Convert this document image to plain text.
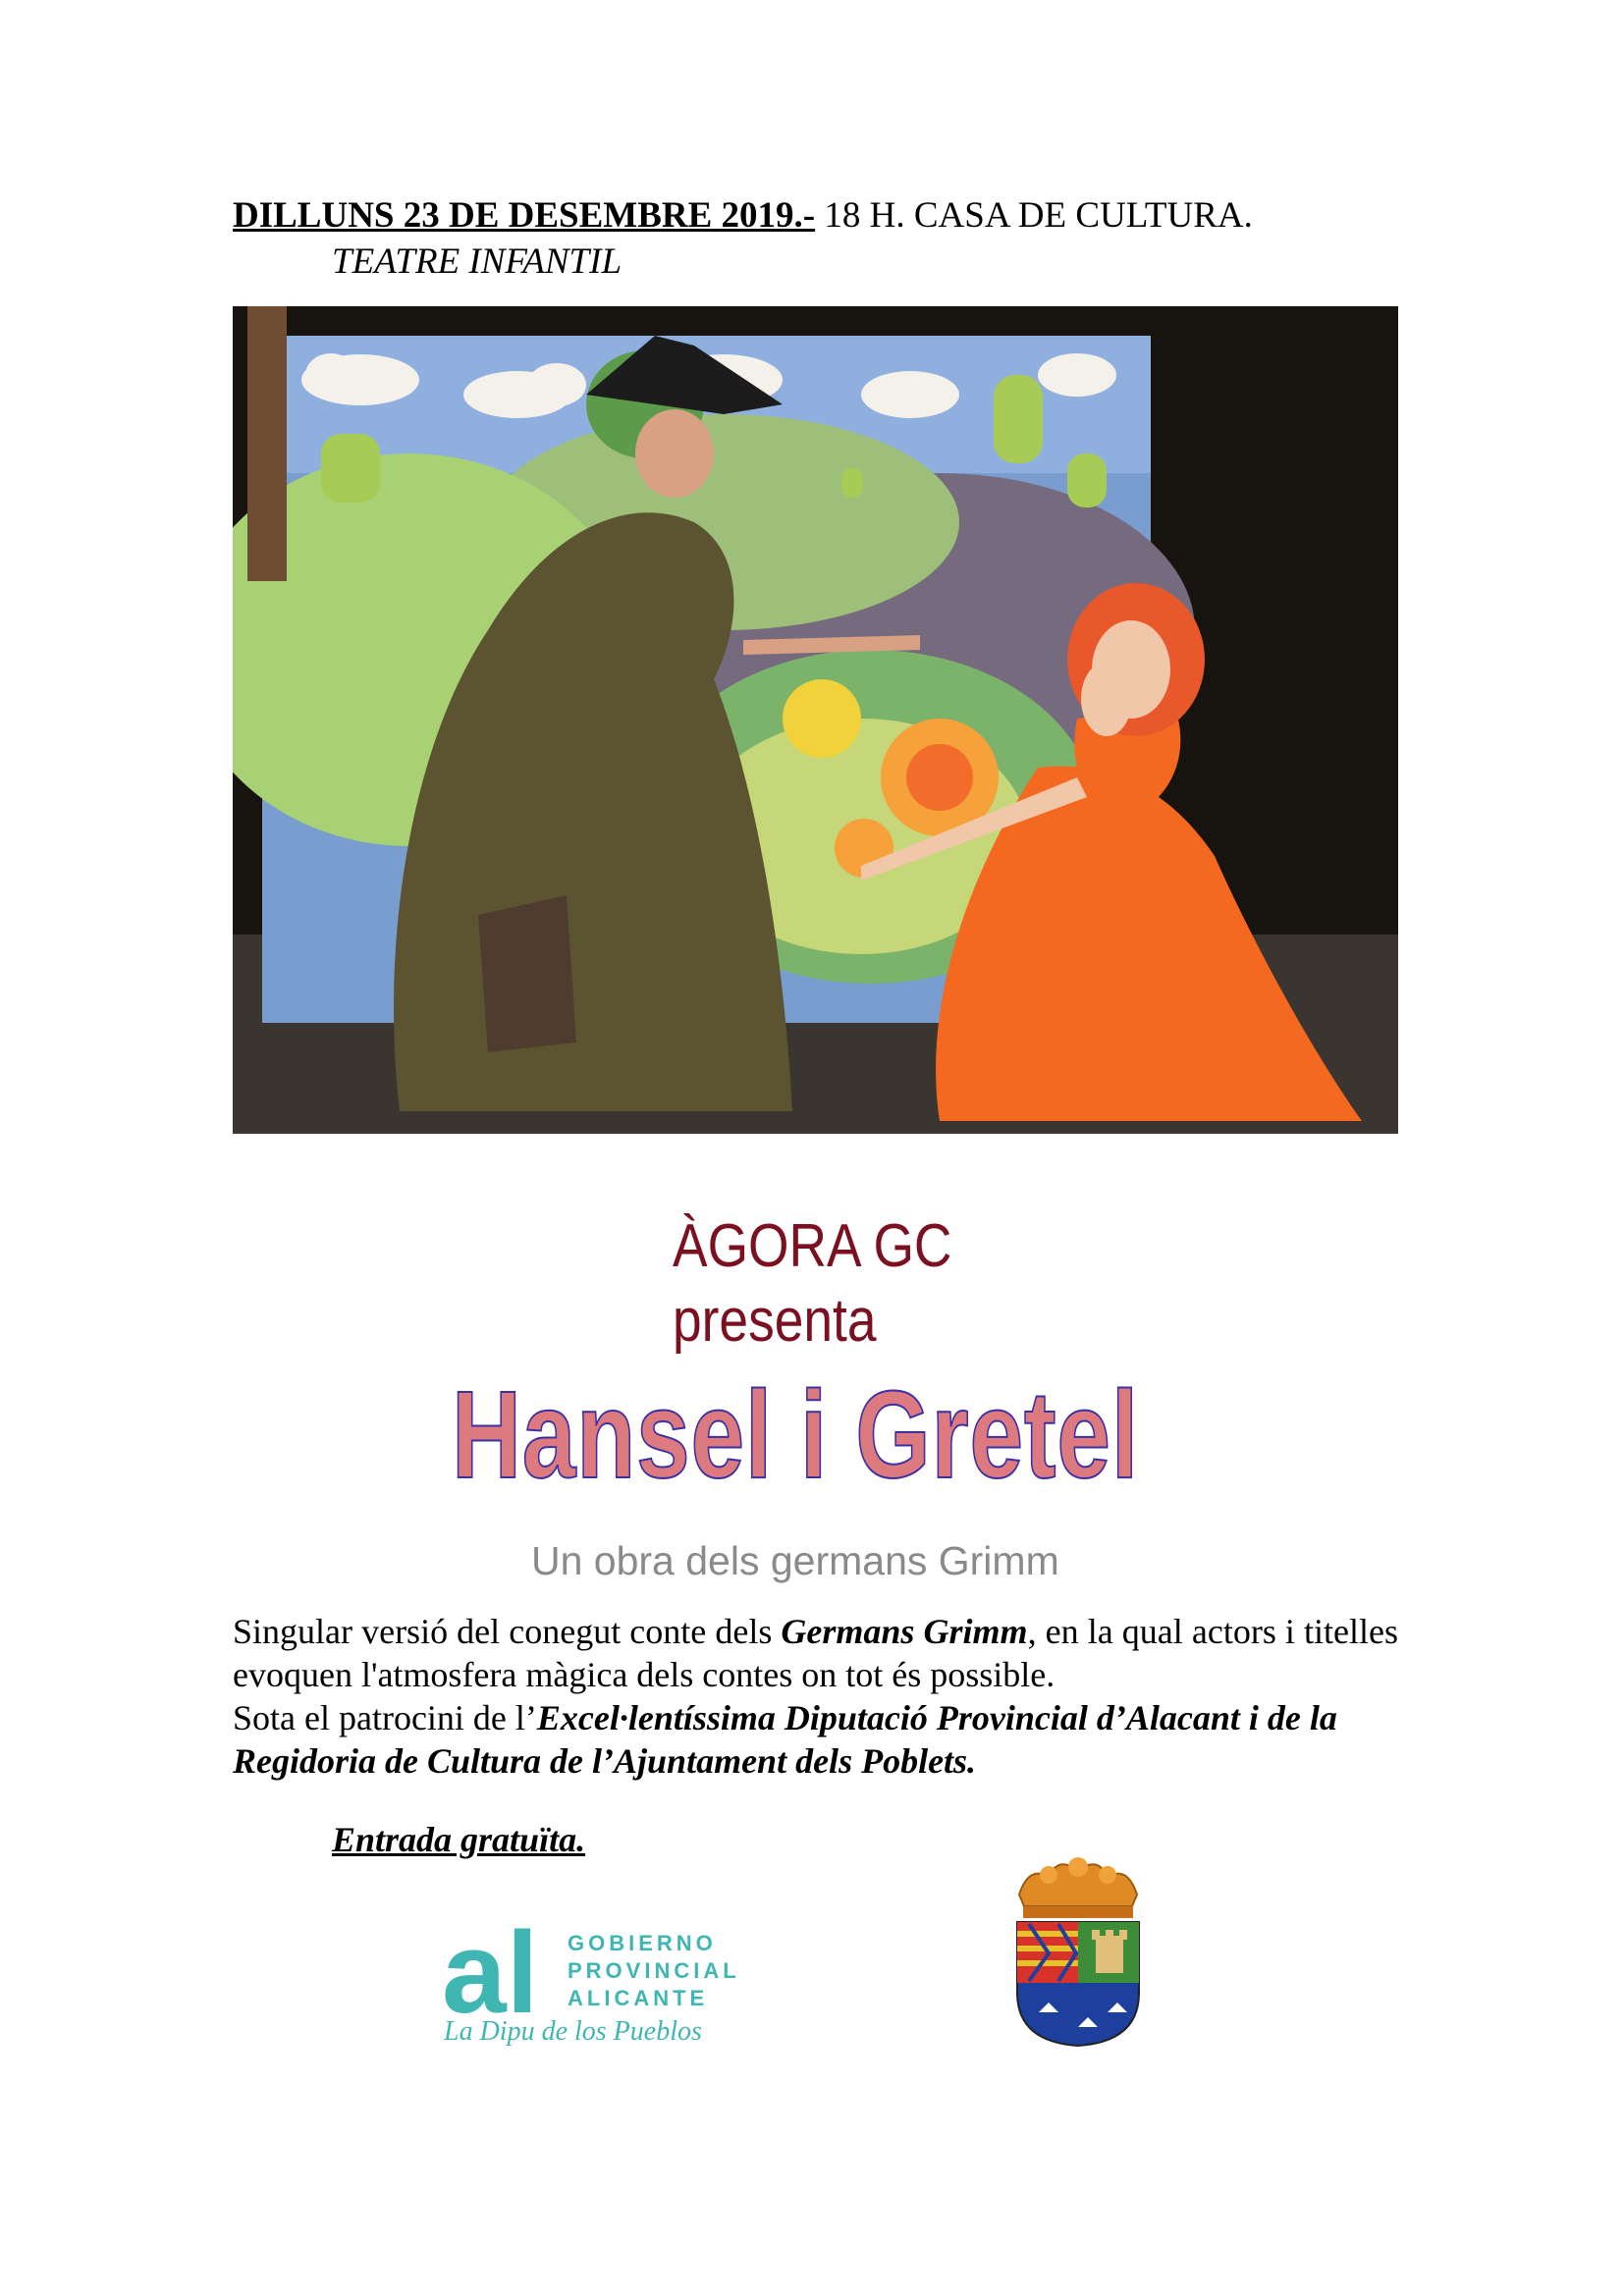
DILLUNS 23 DE DESEMBRE 2019.- 18 H. CASA DE CULTURA.
TEATRE INFANTIL
ÀGORA GC
presenta
Hansel i Gretel
Un obra dels germans Grimm

Singular versió del conegut conte dels Germans Grimm, en la qual actors i titelles evoquen l'atmosfera màgica dels contes on tot és possible.

Sota el patrocini de l’Excel·lentíssima Diputació Provincial d’Alacant i de la Regidoria de Cultura de l’Ajuntament dels Poblets.

Entrada gratuïta.
al GOBIERNO
PROVINCIAL
ALICANTE
La Dipu de los Pueblos
